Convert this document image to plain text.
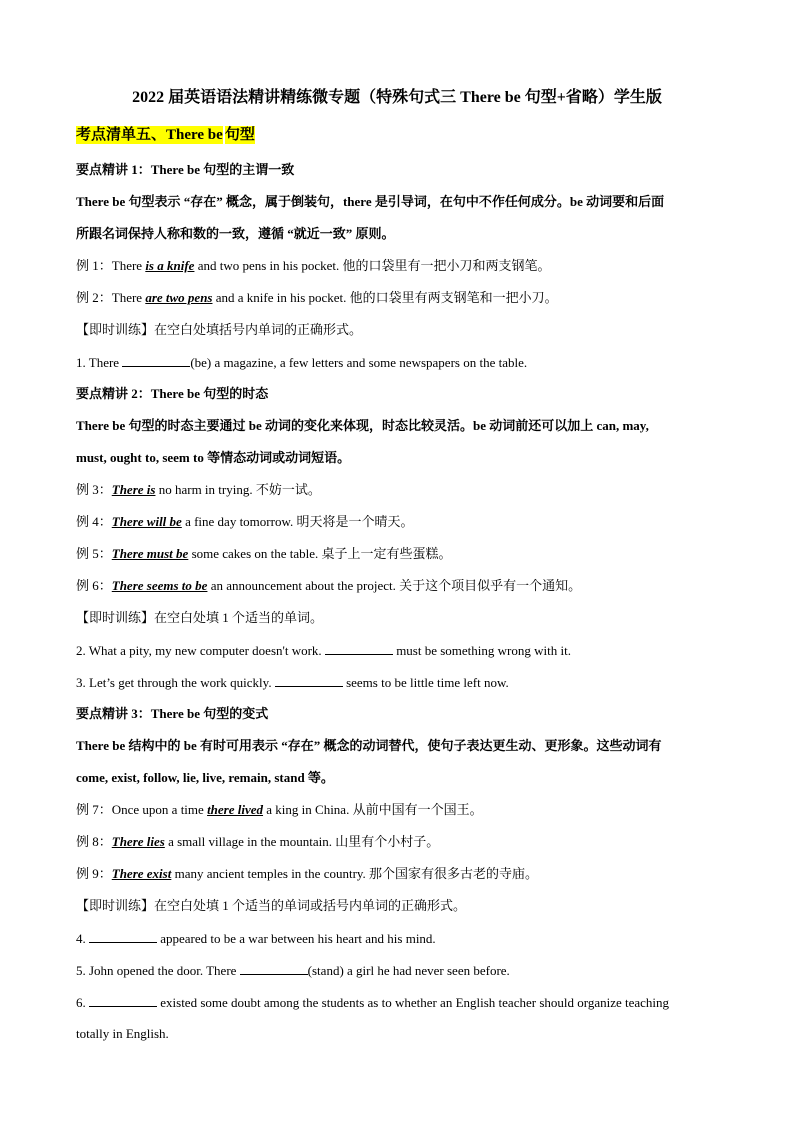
2022 届英语语法精讲精练微专题（特殊句式三 There be 句型+省略）学生版
考点清单五、There be 句型
要点精讲 1：There be 句型的主谓一致
There be 句型表示 “存在” 概念，属于倒装句，there 是引导词，在句中不作任何成分。be 动词要和后面
所跟名词保持人称和数的一致，遵循 “就近一致” 原则。
例 1：There is a knife and two pens in his pocket. 他的口袋里有一把小刀和两支钢笔。
例 2：There are two pens and a knife in his pocket. 他的口袋里有两支钢笔和一把小刀。
【即时训练】在空白处填括号内单词的正确形式。
1. There	(be) a magazine, a few letters and some newspapers on the table.
要点精讲 2：There be 句型的时态
There be 句型的时态主要通过 be 动词的变化来体现，时态比较灵活。be 动词前还可以加上 can, may,
must, ought to, seem to 等情态动词或动词短语。
例 3：There is no harm in trying. 不妨一试。
例 4：There will be a fine day tomorrow. 明天将是一个晴天。
例 5：There must be some cakes on the table. 桌子上一定有些蛋糕。
例 6：There seems to be an announcement about the project. 关于这个项目似乎有一个通知。
【即时训练】在空白处填 1 个适当的单词。
2. What a pity, my new computer doesn't work.	must be something wrong with it.
3. Let’s get through the work quickly.	seems to be little time left now.
要点精讲 3：There be 句型的变式
There be 结构中的 be 有时可用表示 “存在” 概念的动词替代，使句子表达更生动、更形象。这些动词有
come, exist, follow, lie, live, remain, stand 等。
例 7：Once upon a time there lived a king in China. 从前中国有一个国王。
例 8：There lies a small village in the mountain. 山里有个小村子。
例 9：There exist many ancient temples in the country. 那个国家有很多古老的寺庙。
【即时训练】在空白处填 1 个适当的单词或括号内单词的正确形式。
4.	appeared to be a war between his heart and his mind.
5. John opened the door. There	(stand) a girl he had never seen before.
6.	existed some doubt among the students as to whether an English teacher should organize teaching
totally in English.
